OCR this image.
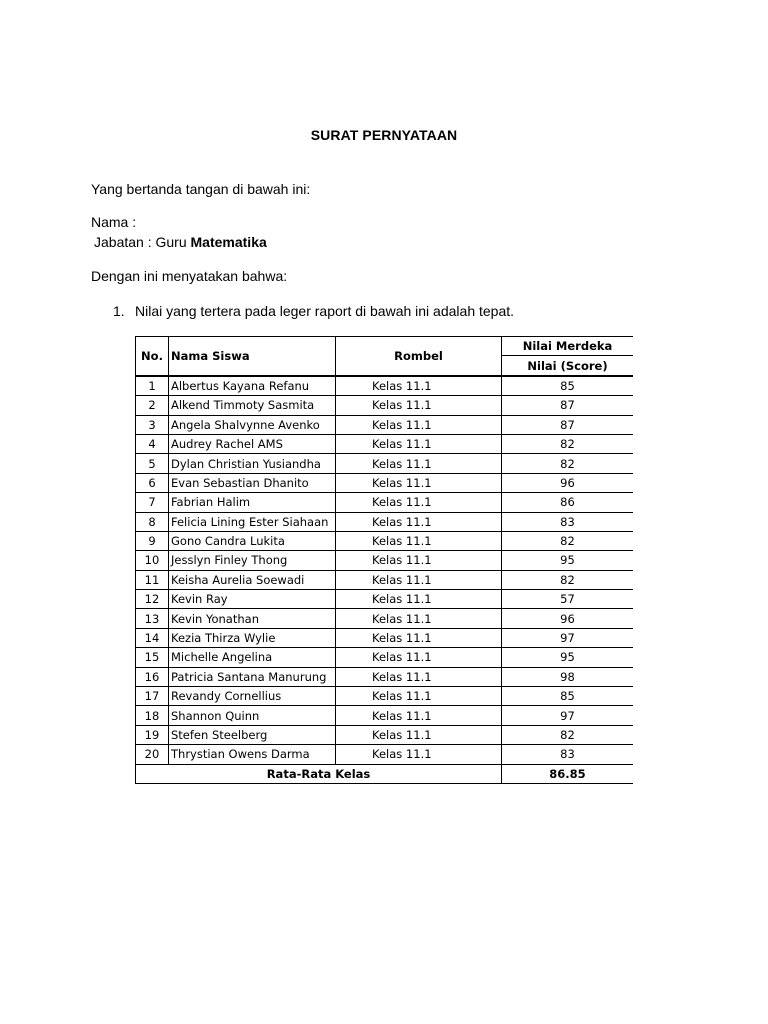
SURAT PERNYATAAN
Yang bertanda tangan di bawah ini:
Nama :
Jabatan : Guru Matematika
Dengan ini menyatakan bahwa:
1. Nilai yang tertera pada leger raport di bawah ini adalah tepat.
No.	Nama Siswa	Rombel	Nilai Merdeka
			Nilai (Score)
1	Albertus Kayana Refanu	Kelas 11.1	85
2	Alkend Timmoty Sasmita	Kelas 11.1	87
3	Angela Shalvynne Avenko	Kelas 11.1	87
4	Audrey Rachel AMS	Kelas 11.1	82
5	Dylan Christian Yusiandha	Kelas 11.1	82
6	Evan Sebastian Dhanito	Kelas 11.1	96
7	Fabrian Halim	Kelas 11.1	86
8	Felicia Lining Ester Siahaan	Kelas 11.1	83
9	Gono Candra Lukita	Kelas 11.1	82
10	Jesslyn Finley Thong	Kelas 11.1	95
11	Keisha Aurelia Soewadi	Kelas 11.1	82
12	Kevin Ray	Kelas 11.1	57
13	Kevin Yonathan	Kelas 11.1	96
14	Kezia Thirza Wylie	Kelas 11.1	97
15	Michelle Angelina	Kelas 11.1	95
16	Patricia Santana Manurung	Kelas 11.1	98
17	Revandy Cornellius	Kelas 11.1	85
18	Shannon Quinn	Kelas 11.1	97
19	Stefen Steelberg	Kelas 11.1	82
20	Thrystian Owens Darma	Kelas 11.1	83
Rata-Rata Kelas			86.85
